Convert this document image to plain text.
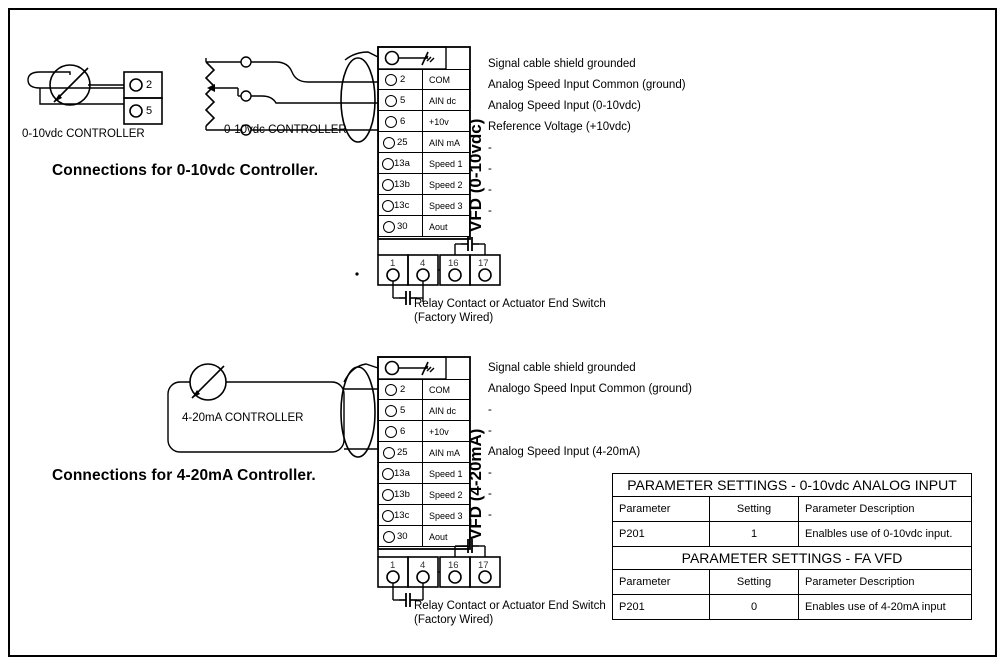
2	COM
5	AIN dc
6	+10v
25 AIN mA
13a Speed 1
13b Speed 2
13c Speed 3
30 Aout VFD (0-10vdc)
Signal cable shield grounded
Analog Speed Input Common (ground)
Analog Speed Input (0-10vdc)
Reference Voltage (+10vdc)
-
-
-
-
2
5
1	4 16 17
0-10vdc CONTROLLER	0-10vdc CONTROLLER
Connections for 0-10vdc Controller.
Relay Contact or Actuator End Switch
(Factory Wired)
2	COM
5	AIN dc
6	+10v
25 AIN mA
13a Speed 1
13b Speed 2
13c Speed 3
30 Aout VFD (4-20mA)
Signal cable shield grounded
Analogo Speed Input Common (ground)
-
-
Analog Speed Input (4-20mA)
-
-
-
1	4 16 17
4-20mA CONTROLLER
Connections for 4-20mA Controller.
Relay Contact or Actuator End Switch
(Factory Wired)
PARAMETER SETTINGS - 0-10vdc ANALOG INPUT		
Parameter	Setting	Parameter Description
P201	1	Enalbles use of 0-10vdc input.
PARAMETER SETTINGS - FA VFD		
Parameter	Setting	Parameter Description
P201	0	Enables use of 4-20mA input
